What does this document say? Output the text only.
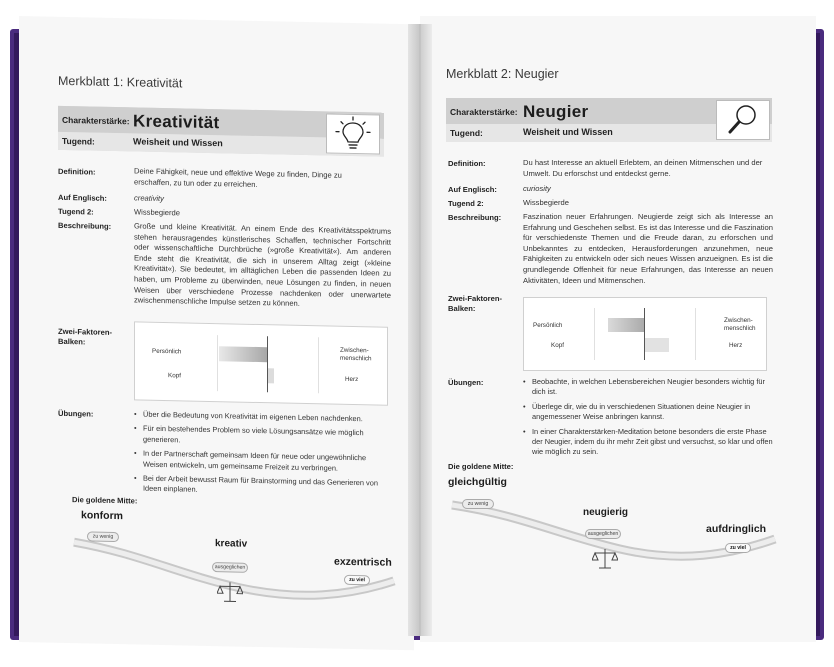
Merkblatt 1: Kreativität
Charakterstärke: Kreativität
Tugend:	Weisheit und Wissen
Definition:	Deine Fähigkeit, neue und effektive Wege zu finden, Dinge zu erschaffen, zu tun oder zu erreichen.
Auf Englisch:	creativity
Tugend 2:	Wissbegierde
Beschreibung:	Große und kleine Kreativität. An einem Ende des Kreativitätsspektrums stehen herausragendes künstlerisches Schaffen, technischer Fortschritt oder wissenschaftliche Durchbrüche (»große Kreativität«). Am anderen Ende steht die Kreativität, die sich in unserem Alltag zeigt (»kleine Kreativität«). Sie bedeutet, im alltäglichen Leben die passenden Ideen zu haben, um Probleme zu überwinden, neue Lösungen zu finden, in neuen Weisen über verschiedene Prozesse nachdenken oder unerwartete zwischenmenschliche Impulse setzen zu können.
Zwei-Faktoren-Balken:
Persönlich
Kopf
Zwischen-menschlich
Herz
Übungen:	• Über die Bedeutung von Kreativität im eigenen Leben nachdenken.
• Für ein bestehendes Problem so viele Lösungsansätze wie möglich generieren.
• In der Partnerschaft gemeinsam Ideen für neue oder ungewöhnliche Weisen entwickeln, um gemeinsame Freizeit zu verbringen.
• Bei der Arbeit bewusst Raum für Brainstorming und das Generieren von Ideen einplanen.
Die goldene Mitte:
konform
kreativ
exzentrisch
zu wenig
ausgeglichen
zu viel
Merkblatt 2: Neugier
Charakterstärke: Neugier
Tugend:	Weisheit und Wissen
Definition:	Du hast Interesse an aktuell Erlebtem, an deinen Mitmenschen und der Umwelt. Du erforschst und entdeckst gerne.
Auf Englisch:	curiosity
Tugend 2:	Wissbegierde
Beschreibung:	Faszination neuer Erfahrungen. Neugierde zeigt sich als Interesse an Erfahrung und Geschehen selbst. Es ist das Interesse und die Faszination für verschiedenste Themen und die Freude daran, zu erforschen und Unbekanntes zu entdecken, Herausforderungen anzunehmen, neue Fähigkeiten zu entwickeln oder sich neues Wissen anzueignen. Es ist die grundlegende Offenheit für neue Erfahrungen, das Interesse an neuen Aktivitäten, Ideen und Mitmenschen.
Zwei-Faktoren-Balken:
Persönlich
Kopf
Zwischen-menschlich
Herz
Übungen:	• Beobachte, in welchen Lebensbereichen Neugier besonders wichtig für dich ist.
• Überlege dir, wie du in verschiedenen Situationen deine Neugier in angemessener Weise anbringen kannst.
• In einer Charakterstärken-Meditation betone besonders die erste Phase der Neugier, indem du ihr mehr Zeit gibst und versuchst, so klar und offen wie möglich zu sein.
Die goldene Mitte:
gleichgültig
neugierig
aufdringlich
zu wenig
ausgeglichen
zu viel
